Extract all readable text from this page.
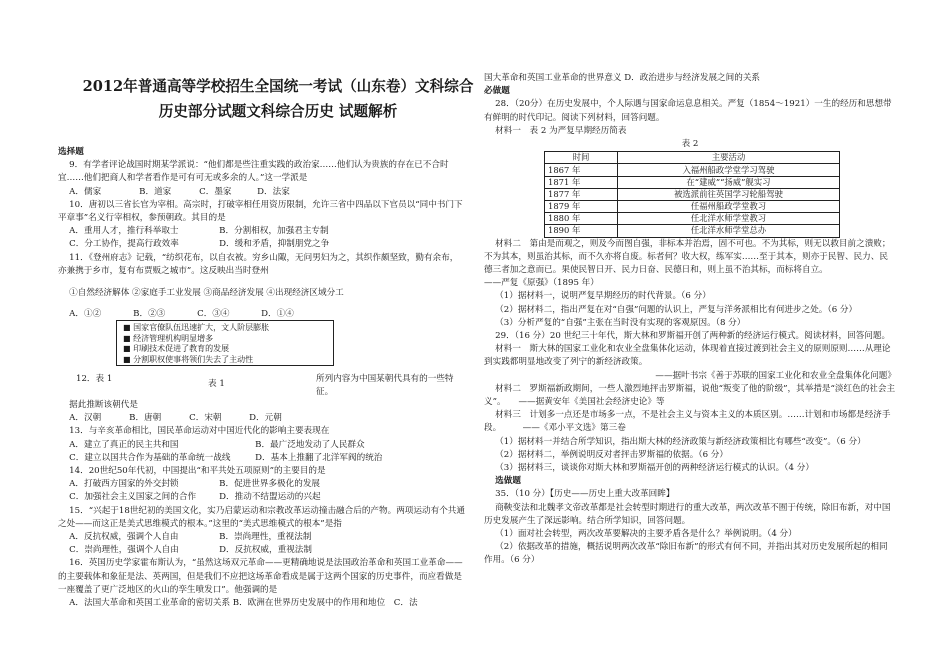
2012年普通高等学校招生全国统一考试（山东卷）文科综合历史部分试题文科综合历史 试题解析

选择题

9．有学者评论战国时期某学派说：“他们都是些注重实践的政治家……他们认为贵族的存在已不合时宜……他们把商人和学者看作是可有可无或多余的人。”这一学派是

A．儒家	B．道家	C．墨家	D．法家

10．唐初以三省长官为宰相。高宗时，打破宰相任用资历限制，允许三省中四品以下官员以“同中书门下平章事”名义行宰相权，参预朝政。其目的是

A．重用人才，推行科举取士	B．分割相权，加强君主专制
C．分工协作，提高行政效率	D．缓和矛盾，抑制朋党之争

11．《登州府志》记载，“纺织花布，以自衣被。穷乡山陬，无问男妇为之，其织作颇坚致，勤有余布，亦兼携于乡市，复有布贾贩之城市”。这反映出当时登州

①自然经济解体 ②家庭手工业发展 ③商品经济发展 ④出现经济区域分工

A．①②	B．②③	C．③④	D．①④
■ 国家官僚队伍迅速扩大，文人阶层膨胀
■ 经济管理机构明显增多
■ 印刷技术促进了教育的发展
■ 分割职权使事将领们失去了主动性
12．表 1	表 1	所列内容为中国某朝代具有的一些特征。

据此推断该朝代是

A．汉朝	B．唐朝	C．宋朝	D．元朝

13．与辛亥革命相比，国民革命运动对中国近代化的影响主要表现在

A．建立了真正的民主共和国	B．最广泛地发动了人民群众
C．建立以国共合作为基础的革命统一战线	D．基本上推翻了北洋军阀的统治

14．20世纪50年代初，中国提出“和平共处五项原则”的主要目的是

A．打破西方国家的外交封锁	B．促进世界多极化的发展
C．加强社会主义国家之间的合作	D．推动不结盟运动的兴起

15．“兴起于18世纪初的美国文化，实乃启蒙运动和宗教改革运动撞击融合后的产物。两项运动有个共通之处——而这正是美式思维模式的根本。”这里的“美式思维模式的根本”是指

A．反抗权威，强调个人自由	B．崇尚理性，重视法制
C．崇尚理性，强调个人自由	D．反抗权威，重视法制

16．英国历史学家霍布斯认为，“虽然这场双元革命——更精确地说是法国政治革命和英国工业革命——的主要载体和象征是法、英两国，但是我们不应把这场革命看成是属于这两个国家的历史事件，而应看做是一座覆盖了更广泛地区的火山的孪生喷发口”。他强调的是

A．法国大革命和英国工业革命的密切关系 B．欧洲在世界历史发展中的作用和地位　C．法

国大革命和英国工业革命的世界意义 D．政治进步与经济发展之间的关系

必做题

28．（20分）在历史发展中，个人际遇与国家命运息息相关。严复（1854～1921）一生的经历和思想带有鲜明的时代印记。阅读下列材料，回答问题。

材料一　表 2 为严复早期经历简表

表 2

时间	主要活动
1867 年	入福州船政学堂学习驾驶
1871 年	在“建威”“扬威”舰实习
1877 年	被选派前往英国学习轮船驾驶
1879 年	任福州船政学堂教习
1880 年	任北洋水师学堂教习
1890 年	任北洋水师学堂总办

材料二　第由是而观之，则及今而图自强，非标本并治焉，固不可也。不为其标，则无以救目前之溃败；不为其本，则虽治其标，而不久亦将自废。标者何？收大权，练军实……至于其本，则亦于民智、民力、民德三者加之意而已。果使民智日开、民力日奋、民德日和，则上虽不治其标，而标将自立。

——严复《原强》（1895 年）

（1）据材料一，说明严复早期经历的时代背景。（6 分）

（2）据材料二，指出严复在对“自强”问题的认识上，严复与洋务派相比有何进步之处。（6 分）

（3）分析严复的“自强”主张在当时没有实现的客观原因。（8 分）

29．（16 分）20 世纪三十年代，斯大林和罗斯福开创了两种新的经济运行模式。阅读材料，回答问题。

材料一　斯大林的国家工业化和农业全盘集体化运动，体现着直接过渡到社会主义的原则原则……从理论到实践都明显地改变了列宁的新经济政策。

——据叶书宗《善于苏联的国家工业化和农业全盘集体化问题》

材料二　罗斯福新政期间，一些人激烈地抨击罗斯福，说他“叛变了他的阶级”，其举措是“淡红色的社会主义”。　　——据黄安年《美国社会经济史论》等

材料三　计划多一点还是市场多一点，不是社会主义与资本主义的本质区别。……计划和市场都是经济手段。　　　——《邓小平文选》第三卷

（1）据材料一并结合所学知识，指出斯大林的经济政策与新经济政策相比有哪些“改变”。（6 分）

（2）据材料二，举例说明反对者抨击罗斯福的依据。（6 分）

（3）据材料三，谈谈你对斯大林和罗斯福开创的两种经济运行模式的认识。（4 分）

选做题

35．（10 分）【历史——历史上重大改革回眸】

商鞅变法和北魏孝文帝改革都是社会转型时期进行的重大改革，两次改革不囿于传统，除旧布新，对中国历史发展产生了深远影响。结合所学知识，回答问题。

（1）面对社会转型，两次改革要解决的主要矛盾各是什么？举例说明。（4 分）

（2）依据改革的措施，概括说明两次改革“除旧布新”的形式有何不同，并指出其对历史发展所起的相同作用。（6 分）
